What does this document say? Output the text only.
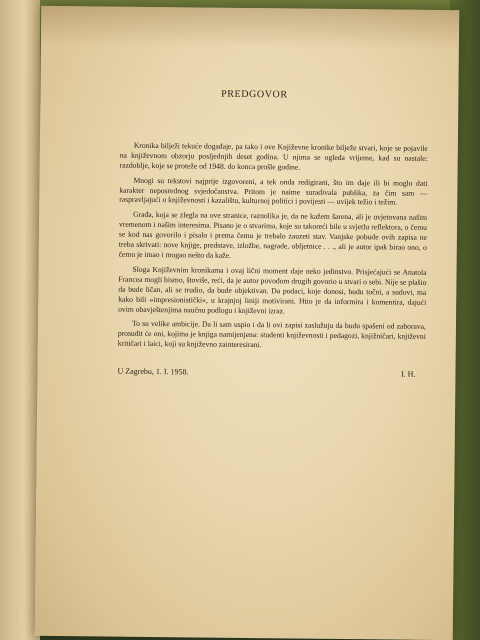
PREDGOVOR

Kronika bilježi tekuće događaje, pa tako i ove Književne kronike bilježe stvari, koje se pojavile na književnom obzorju posljednjih deset godina. U njima se ogleda vrijeme, kad su nastale: razdoblje, koje se proteže od 1948. do konca prošle godine.

Mnogi su tekstovi najprije izgovoreni, a tek onda redigirani, što im daje ili bi moglo dati karakter neposrednog svjedočanstva. Pritom je naime suradivala publika, za čim sam — raspravljajući o književnosti i kazalištu, kulturnoj politici i povijesti — uvijek težio i težim.

Građa, koja se zlegla na ove stranice, raznolika je, da ne kažem šarena, ali je uvjetovana našim vremenom i našim interesima. Pisano je o stvarima, koje su takoreći bile u svjetlu reflektora, o čemu se kod nas govorilo i pisalo i prema čemu je trebalo zauzeti stav. Vanjske pobude ovih zapisa ne treba skrivati: nove knjige, predstave, izložbe, nagrade, obljetnice . . ., ali je autor ipak birao ono, o čemu je imao i mogao nešto da kaže.

Sloga Književnim kronikama i ovaj lični moment daje neko jedinstvo. Prisjećajući se Anatola Francea mogli bismo, štoviše, reći, da je autor povodom drugih govorio u stvari o sebi. Nije se plašio da bude ličan, ali se trudio, da bude objektivan. Da podaci, koje donosi, budu točni, a sudovi, ma kako bili »impresionistički«, u krajnjoj liniji motivirani. Htio je da informira i komentira, dajući ovim obavještenjima naučnu podlogu i književni izraz.

To su velike ambicije. Da li sam uspio i da li ovi zapisi zaslužuju da budu spašeni od zaborava, prosudit će oni, kojima je knjiga namijenjena: studenti književnosti i pedagozi, knjižničari, književni kritičari i laici, koji su književno zainteresirani.

U Zagrebu, 1. I. 1958.	I. H.
